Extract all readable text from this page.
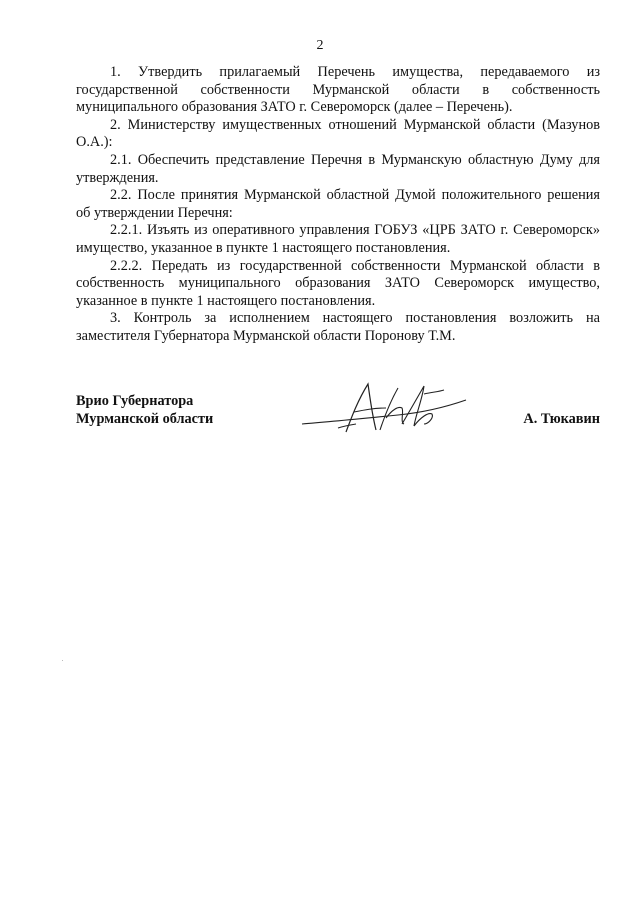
2

1. Утвердить прилагаемый Перечень имущества, передаваемого из государственной собственности Мурманской области в собственность муниципального образования ЗАТО г. Североморск (далее – Перечень).

2. Министерству имущественных отношений Мурманской области (Мазунов О.А.):

2.1. Обеспечить представление Перечня в Мурманскую областную Думу для утверждения.

2.2. После принятия Мурманской областной Думой положительного решения об утверждении Перечня:

2.2.1. Изъять из оперативного управления ГОБУЗ «ЦРБ ЗАТО г. Североморск» имущество, указанное в пункте 1 настоящего постановления.

2.2.2. Передать из государственной собственности Мурманской области в собственность муниципального образования ЗАТО Североморск имущество, указанное в пункте 1 настоящего постановления.

3. Контроль за исполнением настоящего постановления возложить на заместителя Губернатора Мурманской области Поронову Т.М.

Врио Губернатора
Мурманской области	А. Тюкавин
